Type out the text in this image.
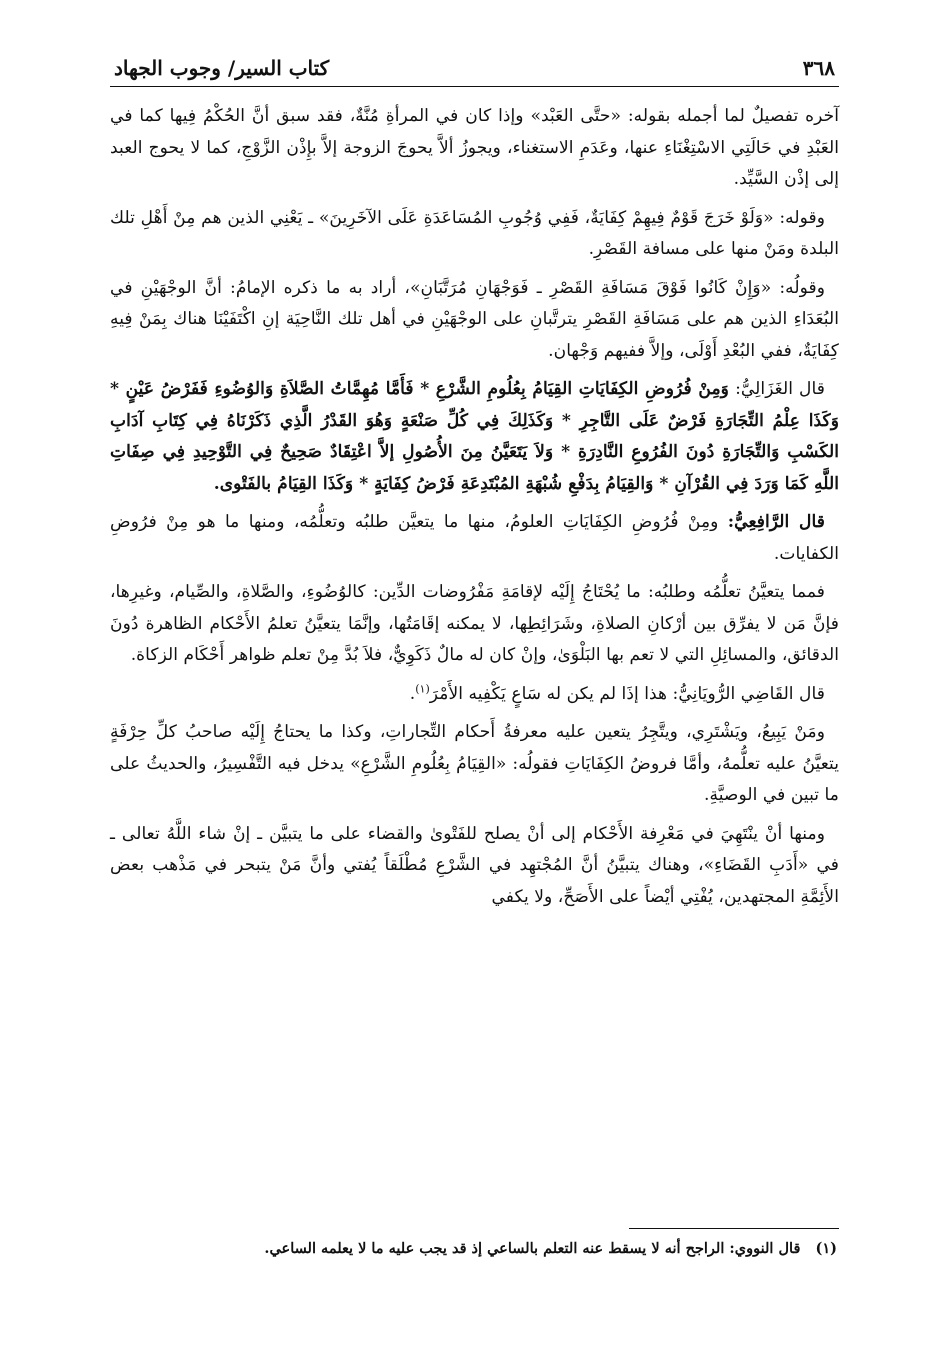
٣٦٨
كتاب السير/ وجوب الجهاد

آخره تفصيلٌ لما أجمله بقوله: «حتَّى العَبْد» وإذا كان في المرأةِ مُنَّةٌ، فقد سبق أنَّ الحُكْمُ فِيها كما في العَبْدِ في حَالَتِي الاسْتِغْنَاءِ عنها، وعَدَمِ الاستغناء، ويجوزُ ألاَّ يحوجَ الزوجة إلاَّ بإِذْن الزَّوْجِ، كما لا يحوج العبد إلى إذْن السَّيِّد.

وقوله: «وَلَوْ خَرَجَ قَوْمٌ فِيهِمْ كِفَايَةٌ، فَفِي وُجُوبِ المُسَاعَدَةِ عَلَى الآخَرِينَ» ـ يَعْنِي الذين هم مِنْ أَهْلِ تلك البلدة ومَنْ منها على مسافة القَصْرِ.

وقولُه: «وَإِنْ كَانُوا فَوْقَ مَسَافَةِ القَصْرِ ـ فَوَجْهَانِ مُرَتَّبَانِ»، أراد به ما ذكره الإمامُ: أنَّ الوجْهَيْنِ في البُعَدَاءِ الذين هم على مَسَافَةِ القَصْرِ يترتَّبانِ على الوجْهَيْنِ في أهل تلك النَّاحِيَة إنِ اكْتَفَيْنَا هناك بِمَنْ فِيهِ كِفَايَةٌ، ففي البُعْدِ أَوْلَى، وإلاَّ ففيهم وَجْهان.

قال الغَزَالِيُّ: وَمِنْ فُرُوضِ الكِفَايَاتِ القِيَامُ بِعُلُومِ الشَّرْعِ * فَأَمَّا مُهِمَّاتُ الصَّلاَةِ وَالوُضُوءِ فَفَرْضُ عَيْنٍ * وَكَذَا عِلْمُ التِّجَارَةِ فَرْضٌ عَلَى التَّاجِرِ * وَكَذَلِكَ فِي كُلِّ صَنْعَةٍ وَهُوَ القَدْرُ الَّذِي ذَكَرْنَاهُ فِي كِتَابِ آدَابِ الكَسْبِ وَالتِّجَارَةِ دُونَ الفُرُوعِ النَّادِرَةِ * وَلاَ يَتَعَيَّنُ مِنَ الأُصُولِ إلاَّ اعْتِقَادٌ صَحِيحٌ فِي التَّوْحِيدِ فِي صِفَاتِ اللَّهِ كَمَا وَرَدَ فِي القُرْآنِ * وَالقِيَامُ بِدَفْعِ شُبْهَةِ المُبْتَدِعَةِ فَرْضُ كِفَايَةٍ * وَكَذَا القِيَامُ بالفَتْوى.

قال الرَّافِعِيُّ: ومِنْ فُرُوضِ الكِفَايَاتِ العلومُ، منها ما يتعيَّن طلبُه وتعلُّمُه، ومنها ما هو مِنْ فرُوضِ الكفايات.

فمما يتعيَّنُ تعلُّمُه وطلبُه: ما يُحْتَاجُ إِلَيْه لإقامَةِ مَفْرُوضات الدِّين: كالوُضُوءِ، والصَّلاةِ، والصِّيام، وغيرِها، فإنَّ مَن لا يفرِّق بين أرْكانِ الصلاةِ، وشَرَائِطِها، لا يمكنه إقَامَتُها، وإنَّمَا يتعيَّنُ تعلمُ الأَحْكام الظاهرة دُونَ الدقائق، والمسائِلِ التي لا تعم بها البَلْوَىٰ، وإنْ كان له مالٌ ذَكَوِيٌّ، فلاَ بُدَّ مِنْ تعلم ظواهر أَحْكَام الزكاة.

قال القَاضِي الرُّويَانِيُّ: هذا إذَا لم يكن له سَاعٍ يَكْفِيه الأَمْرَ$^{(١)}$.

ومَنْ يَبِيعُ، ويَشْتَرِي، ويتَّجِرُ يتعين عليه معرفةُ أَحكام التِّجاراتِ، وكذا ما يحتاجُ إِلَيْه صاحبُ كلِّ حِرْفَةٍ يتعيَّنُ عليه تعلُّمهُ، وأمَّا فروضُ الكِفَايَاتِ فقولُه: «القِيَامُ بِعُلُومِ الشَّرْعِ» يدخل فيه التَّفْسِيرُ، والحديثُ على ما تبين في الوصيَّةِ.

ومنها أنْ ينْتَهِيَ في مَعْرِفة الأَحْكام إلى أنْ يصلح للفَتْوىٰ والقضاء على ما يتبيَّن ـ إنْ شاء اللَّهُ تعالى ـ في «أَدَبِ القَضَاءِ»، وهناك يتبيَّنُ أنَّ المُجْتهِد في الشَّرْعِ مُطْلَقاً يُفتي وأنَّ مَنْ يتبحر في مَذْهب بعض الأَئِمَّةِ المجتهدين، يُفْتِي أيْضاً على الأَصَحِّ، ولا يكفي

(١) قال النووي: الراجح أنه لا يسقط عنه التعلم بالساعي إذ قد يجب عليه ما لا يعلمه الساعي.
